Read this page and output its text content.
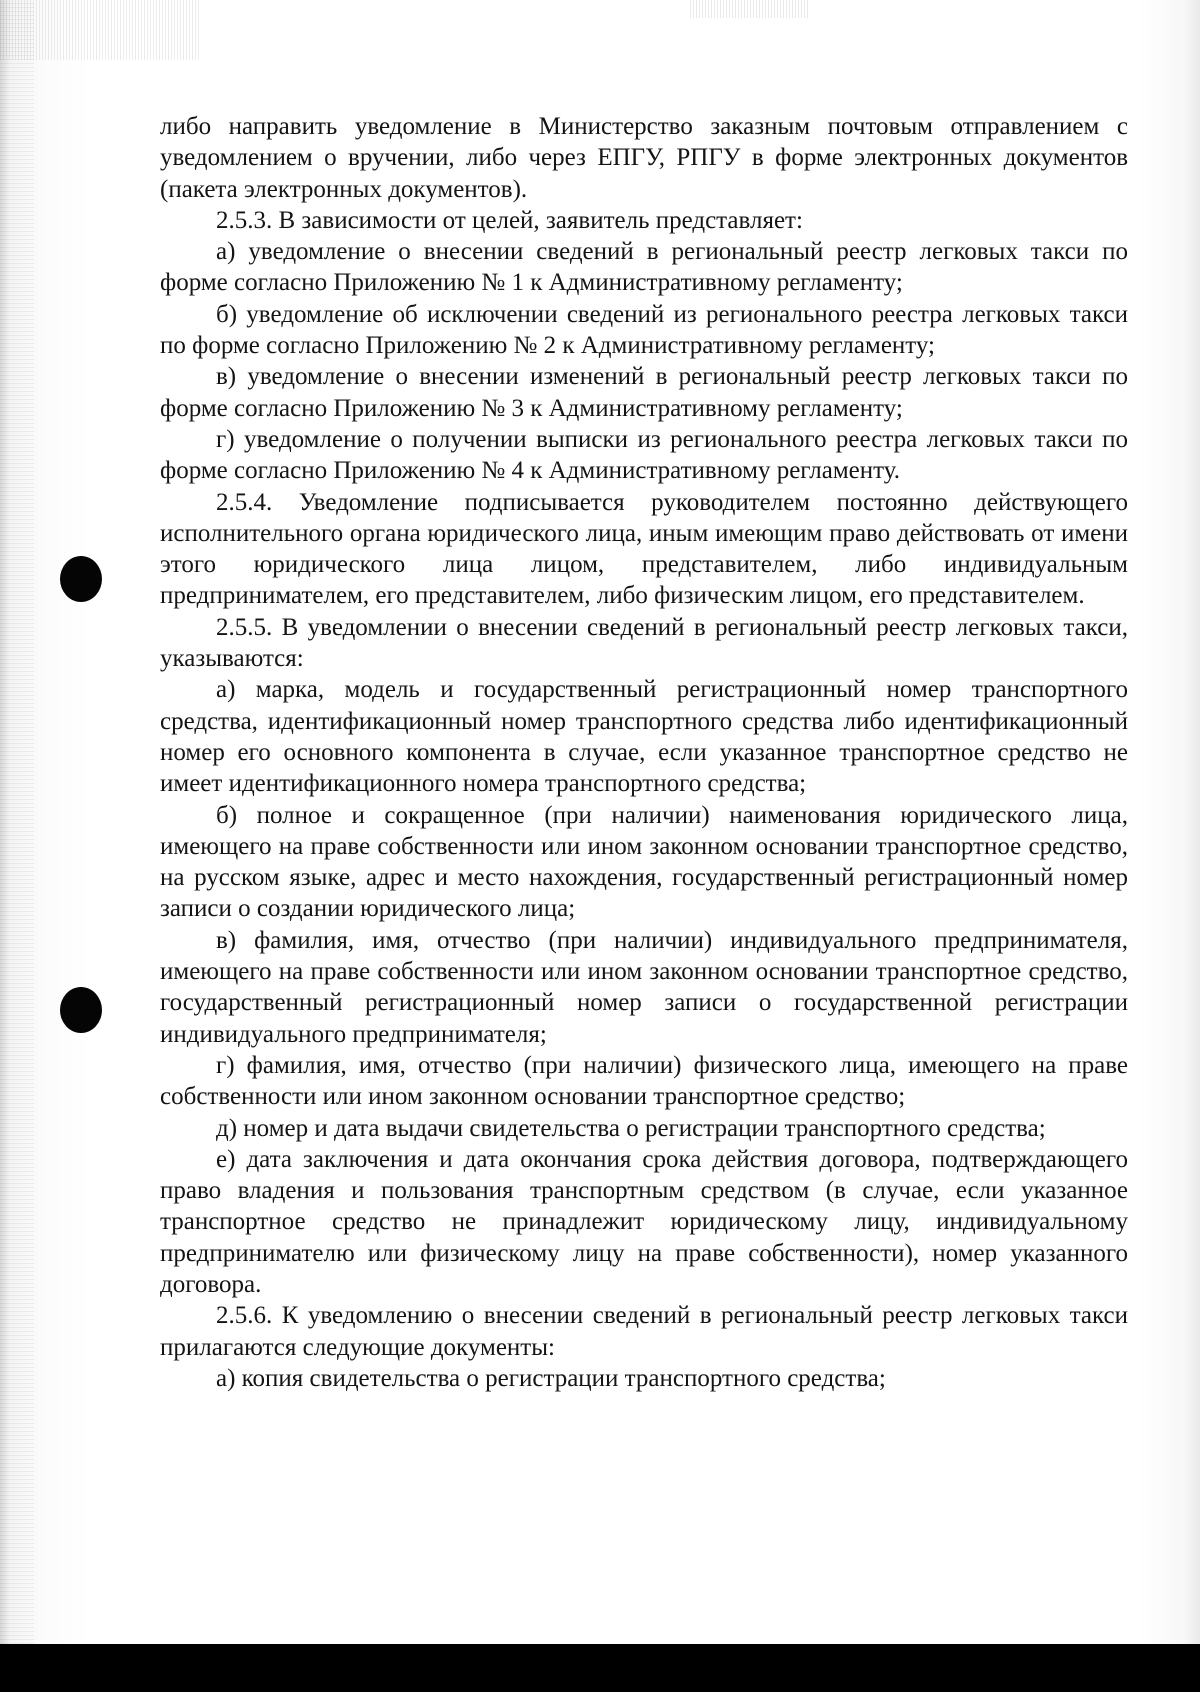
либо направить уведомление в Министерство заказным почтовым отправлением с уведомлением о вручении, либо через ЕПГУ, РПГУ в форме электронных документов (пакета электронных документов).

2.5.3. В зависимости от целей, заявитель представляет:

а) уведомление о внесении сведений в региональный реестр легковых такси по форме согласно Приложению № 1 к Административному регламенту;

б) уведомление об исключении сведений из регионального реестра легковых такси по форме согласно Приложению № 2 к Административному регламенту;

в) уведомление о внесении изменений в региональный реестр легковых такси по форме согласно Приложению № 3 к Административному регламенту;

г) уведомление о получении выписки из регионального реестра легковых такси по форме согласно Приложению № 4 к Административному регламенту.

2.5.4. Уведомление подписывается руководителем постоянно действующего исполнительного органа юридического лица, иным имеющим право действовать от имени этого юридического лица лицом, представителем, либо индивидуальным предпринимателем, его представителем, либо физическим лицом, его представителем.

2.5.5. В уведомлении о внесении сведений в региональный реестр легковых такси, указываются:

а) марка, модель и государственный регистрационный номер транспортного средства, идентификационный номер транспортного средства либо идентификационный номер его основного компонента в случае, если указанное транспортное средство не имеет идентификационного номера транспортного средства;

б) полное и сокращенное (при наличии) наименования юридического лица, имеющего на праве собственности или ином законном основании транспортное средство, на русском языке, адрес и место нахождения, государственный регистрационный номер записи о создании юридического лица;

в) фамилия, имя, отчество (при наличии) индивидуального предпринимателя, имеющего на праве собственности или ином законном основании транспортное средство, государственный регистрационный номер записи о государственной регистрации индивидуального предпринимателя;

г) фамилия, имя, отчество (при наличии) физического лица, имеющего на праве собственности или ином законном основании транспортное средство;

д) номер и дата выдачи свидетельства о регистрации транспортного средства;

е) дата заключения и дата окончания срока действия договора, подтверждающего право владения и пользования транспортным средством (в случае, если указанное транспортное средство не принадлежит юридическому лицу, индивидуальному предпринимателю или физическому лицу на праве собственности), номер указанного договора.

2.5.6. К уведомлению о внесении сведений в региональный реестр легковых такси прилагаются следующие документы:

а) копия свидетельства о регистрации транспортного средства;
